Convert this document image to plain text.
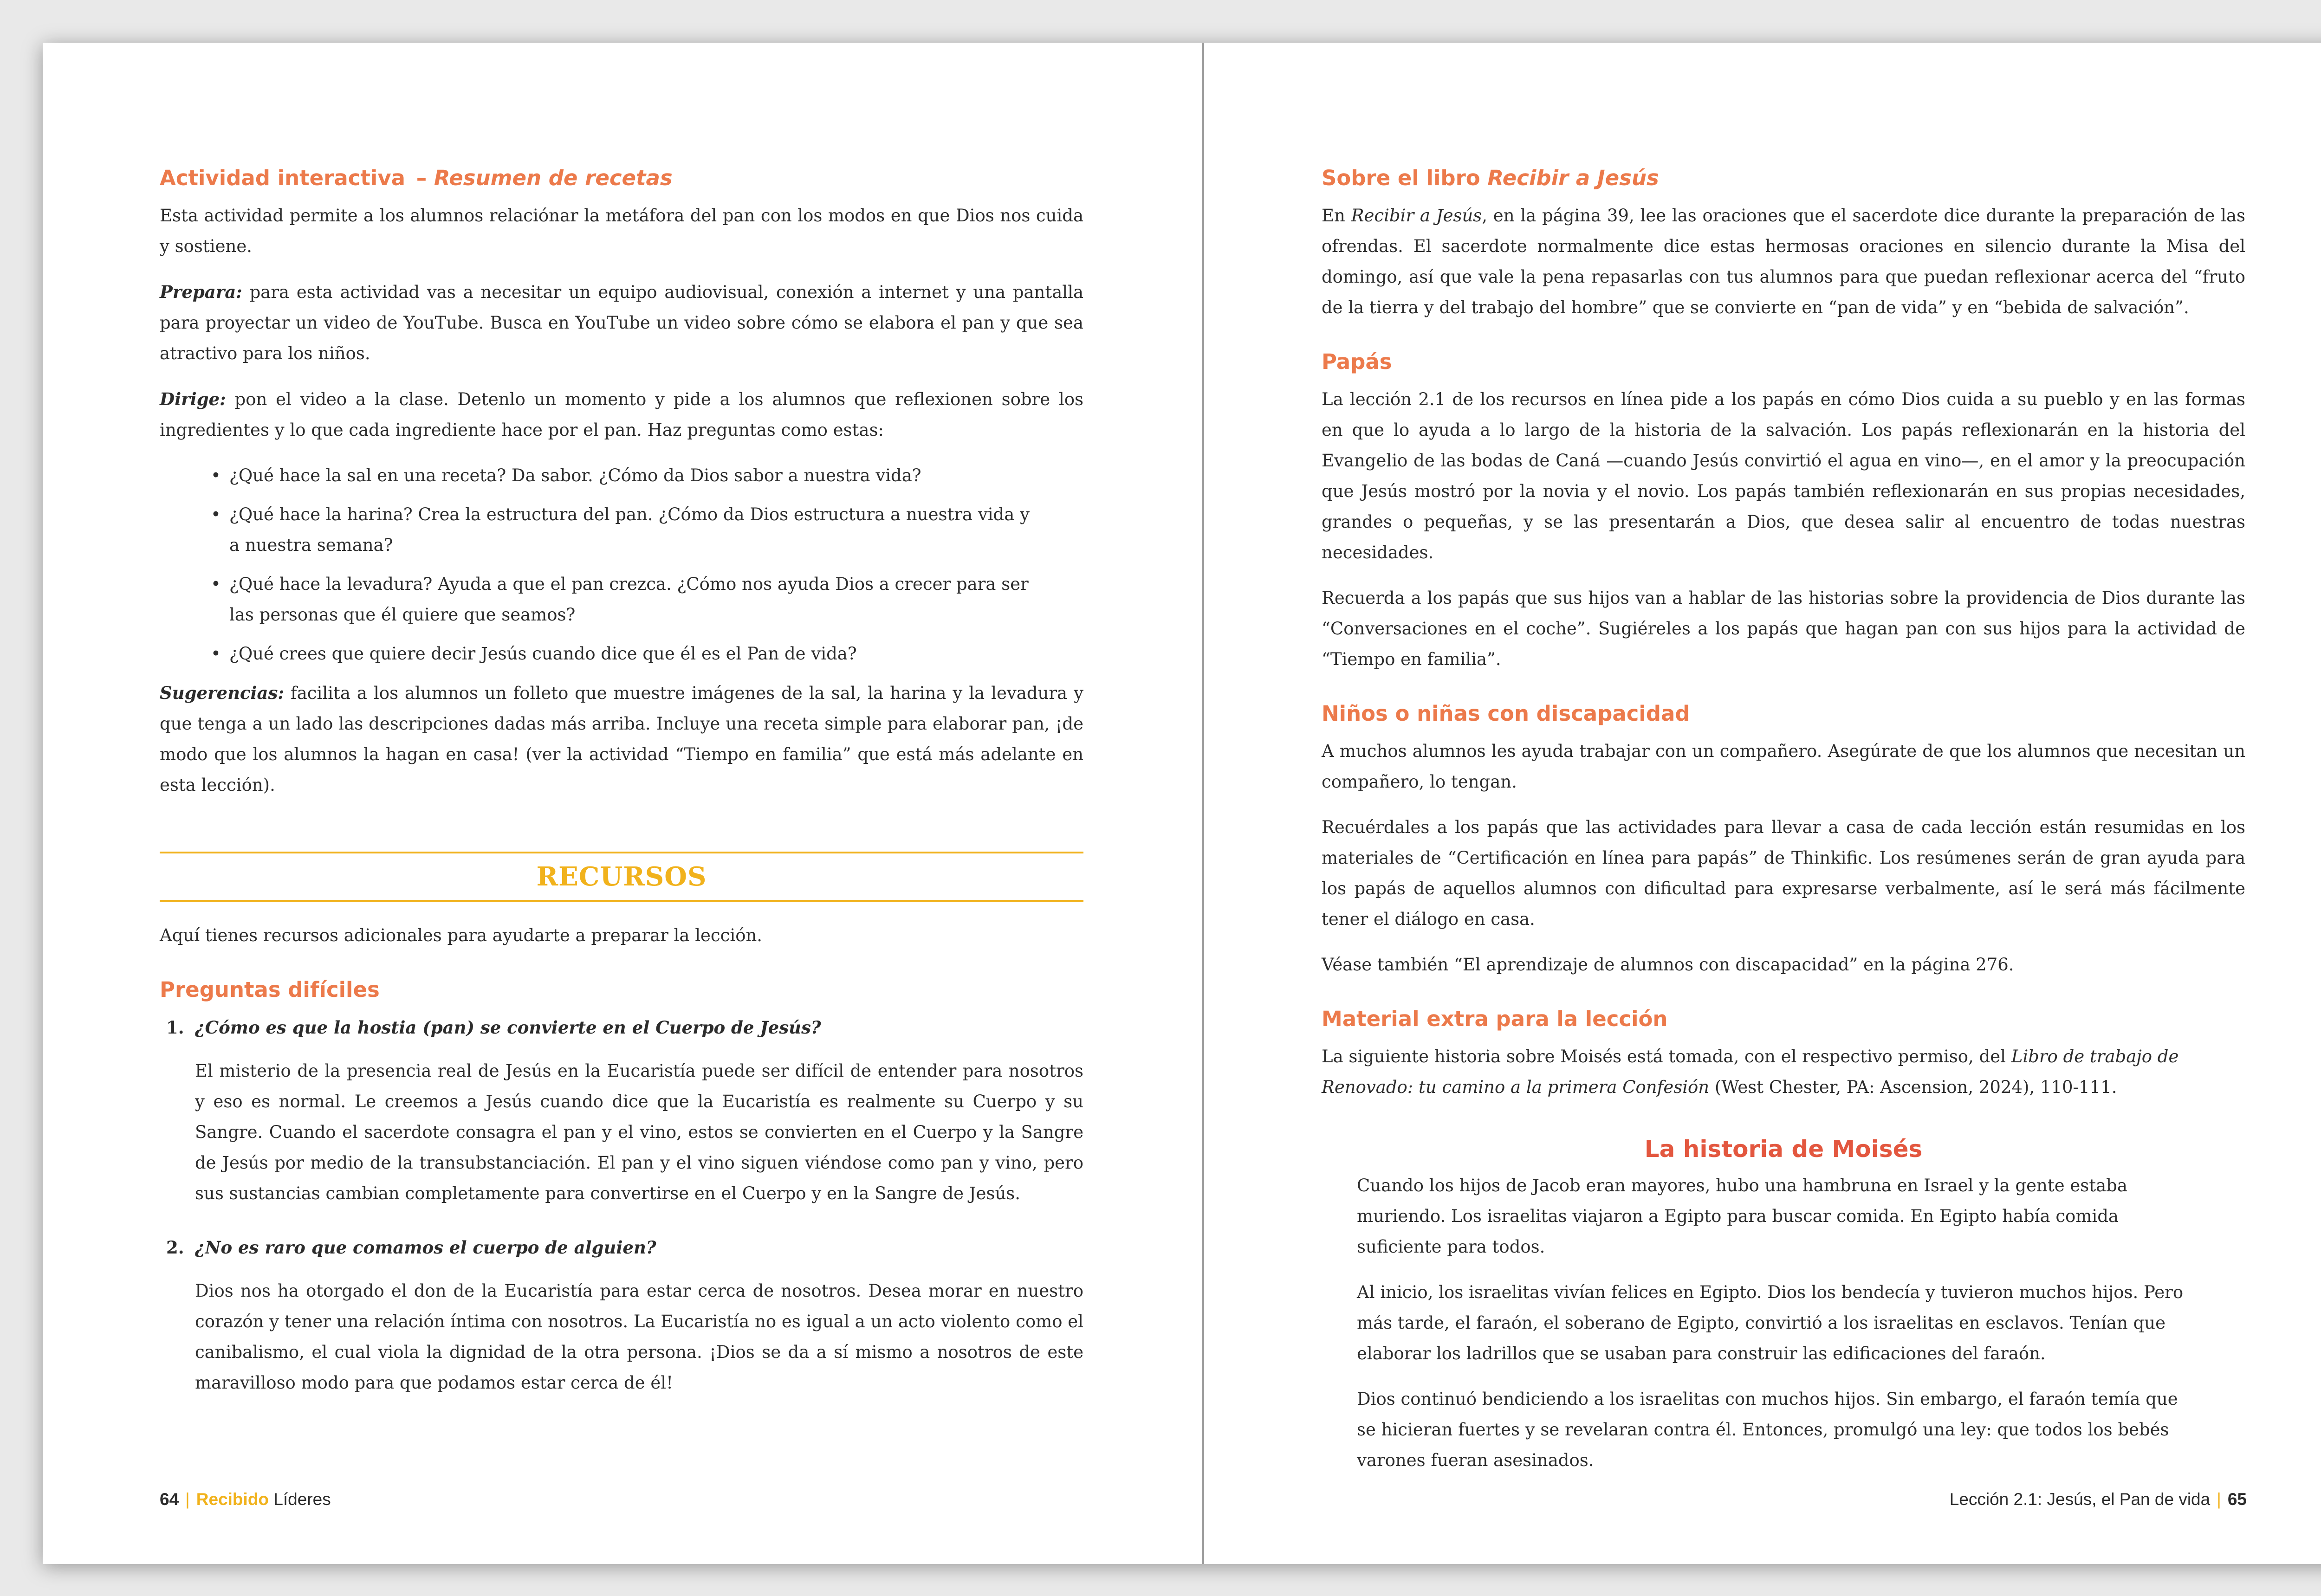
Actividad interactiva – Resumen de recetas

Esta actividad permite a los alumnos relaciónar la metáfora del pan con los modos en que Dios nos cuida y sostiene.

Prepara: para esta actividad vas a necesitar un equipo audiovisual, conexión a internet y una pantalla para proyectar un video de YouTube. Busca en YouTube un video sobre cómo se elabora el pan y que sea atractivo para los niños.

Dirige: pon el video a la clase. Detenlo un momento y pide a los alumnos que reflexionen sobre los ingredientes y lo que cada ingrediente hace por el pan. Haz preguntas como estas:

• ¿Qué hace la sal en una receta? Da sabor. ¿Cómo da Dios sabor a nuestra vida?
• ¿Qué hace la harina? Crea la estructura del pan. ¿Cómo da Dios estructura a nuestra vida y a nuestra semana?
• ¿Qué hace la levadura? Ayuda a que el pan crezca. ¿Cómo nos ayuda Dios a crecer para ser las personas que él quiere que seamos?
• ¿Qué crees que quiere decir Jesús cuando dice que él es el Pan de vida?

Sugerencias: facilita a los alumnos un folleto que muestre imágenes de la sal, la harina y la levadura y que tenga a un lado las descripciones dadas más arriba. Incluye una receta simple para elaborar pan, ¡de modo que los alumnos la hagan en casa! (ver la actividad “Tiempo en familia” que está más adelante en esta lección).

RECURSOS

Aquí tienes recursos adicionales para ayudarte a preparar la lección.

Preguntas difíciles
1. ¿Cómo es que la hostia (pan) se convierte en el Cuerpo de Jesús?

El misterio de la presencia real de Jesús en la Eucaristía puede ser difícil de entender para nosotros y eso es normal. Le creemos a Jesús cuando dice que la Eucaristía es realmente su Cuerpo y su Sangre. Cuando el sacerdote consagra el pan y el vino, estos se convierten en el Cuerpo y la Sangre de Jesús por medio de la transubstanciación. El pan y el vino siguen viéndose como pan y vino, pero sus sustancias cambian completamente para convertirse en el Cuerpo y en la Sangre de Jesús.

2. ¿No es raro que comamos el cuerpo de alguien?

Dios nos ha otorgado el don de la Eucaristía para estar cerca de nosotros. Desea morar en nuestro corazón y tener una relación íntima con nosotros. La Eucaristía no es igual a un acto violento como el canibalismo, el cual viola la dignidad de la otra persona. ¡Dios se da a sí mismo a nosotros de este maravilloso modo para que podamos estar cerca de él!

64 | Recibido Líderes
Sobre el libro Recibir a Jesús

En Recibir a Jesús, en la página 39, lee las oraciones que el sacerdote dice durante la preparación de las ofrendas. El sacerdote normalmente dice estas hermosas oraciones en silencio durante la Misa del domingo, así que vale la pena repasarlas con tus alumnos para que puedan reflexionar acerca del “fruto de la tierra y del trabajo del hombre” que se convierte en “pan de vida” y en “bebida de salvación”.

Papás

La lección 2.1 de los recursos en línea pide a los papás en cómo Dios cuida a su pueblo y en las formas en que lo ayuda a lo largo de la historia de la salvación. Los papás reflexionarán en la historia del Evangelio de las bodas de Caná —cuando Jesús convirtió el agua en vino—, en el amor y la preocupación que Jesús mostró por la novia y el novio. Los papás también reflexionarán en sus propias necesidades, grandes o pequeñas, y se las presentarán a Dios, que desea salir al encuentro de todas nuestras necesidades.

Recuerda a los papás que sus hijos van a hablar de las historias sobre la providencia de Dios durante las “Conversaciones en el coche”. Sugiéreles a los papás que hagan pan con sus hijos para la actividad de “Tiempo en familia”.

Niños o niñas con discapacidad

A muchos alumnos les ayuda trabajar con un compañero. Asegúrate de que los alumnos que necesitan un compañero, lo tengan.

Recuérdales a los papás que las actividades para llevar a casa de cada lección están resumidas en los materiales de “Certificación en línea para papás” de Thinkific. Los resúmenes serán de gran ayuda para los papás de aquellos alumnos con dificultad para expresarse verbalmente, así le será más fácilmente tener el diálogo en casa.

Véase también “El aprendizaje de alumnos con discapacidad” en la página 276.

Material extra para la lección

La siguiente historia sobre Moisés está tomada, con el respectivo permiso, del Libro de trabajo de Renovado: tu camino a la primera Confesión (West Chester, PA: Ascension, 2024), 110-111.

La historia de Moisés

Cuando los hijos de Jacob eran mayores, hubo una hambruna en Israel y la gente estaba muriendo. Los israelitas viajaron a Egipto para buscar comida. En Egipto había comida suficiente para todos.

Al inicio, los israelitas vivían felices en Egipto. Dios los bendecía y tuvieron muchos hijos. Pero más tarde, el faraón, el soberano de Egipto, convirtió a los israelitas en esclavos. Tenían que elaborar los ladrillos que se usaban para construir las edificaciones del faraón.

Dios continuó bendiciendo a los israelitas con muchos hijos. Sin embargo, el faraón temía que se hicieran fuertes y se revelaran contra él. Entonces, promulgó una ley: que todos los bebés varones fueran asesinados.

Lección 2.1: Jesús, el Pan de vida | 65
